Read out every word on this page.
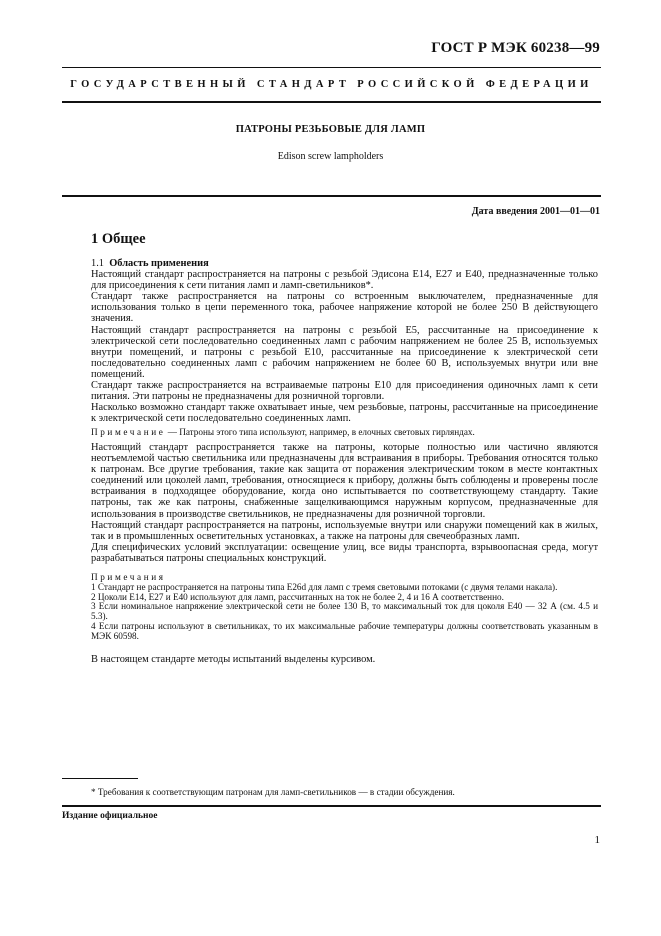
ГОСТ Р МЭК 60238—99
ГОСУДАРСТВЕННЫЙ СТАНДАРТ РОССИЙСКОЙ ФЕДЕРАЦИИ
ПАТРОНЫ РЕЗЬБОВЫЕ ДЛЯ ЛАМП
Edison screw lampholders
Дата введения 2001—01—01
1 Общее

1.1 Область применения

Настоящий стандарт распространяется на патроны с резьбой Эдисона E14, E27 и E40, предназначенные только для присоединения к сети питания ламп и ламп-светильников*.

Стандарт также распространяется на патроны со встроенным выключателем, предназначенные для использования только в цепи переменного тока, рабочее напряжение которой не более 250 В действующего значения.

Настоящий стандарт распространяется на патроны с резьбой E5, рассчитанные на присоединение к электрической сети последовательно соединенных ламп с рабочим напряжением не более 25 В, используемых внутри помещений, и патроны с резьбой E10, рассчитанные на присоединение к электрической сети последовательно соединенных ламп с рабочим напряжением не более 60 В, используемых внутри или вне помещений.

Стандарт также распространяется на встраиваемые патроны E10 для присоединения одиночных ламп к сети питания. Эти патроны не предназначены для розничной торговли.

Насколько возможно стандарт также охватывает иные, чем резьбовые, патроны, рассчитанные на присоединение к электрической сети последовательно соединенных ламп.

Примечание — Патроны этого типа используют, например, в елочных световых гирляндах.

Настоящий стандарт распространяется также на патроны, которые полностью или частично являются неотъемлемой частью светильника или предназначены для встраивания в приборы. Требования относятся только к патронам. Все другие требования, такие как защита от поражения электрическим током в месте контактных соединений или цоколей ламп, требования, относящиеся к прибору, должны быть соблюдены и проверены после встраивания в подходящее оборудование, когда оно испытывается по соответствующему стандарту. Такие патроны, так же как патроны, снабженные защелкивающимся наружным корпусом, предназначенные для использования в производстве светильников, не предназначены для розничной торговли.

Настоящий стандарт распространяется на патроны, используемые внутри или снаружи помещений как в жилых, так и в промышленных осветительных установках, а также на патроны для свечеобразных ламп.

Для специфических условий эксплуатации: освещение улиц, все виды транспорта, взрывоопасная среда, могут разрабатываться патроны специальных конструкций.

Примечания

1 Стандарт не распространяется на патроны типа E26d для ламп с тремя световыми потоками (с двумя телами накала).

2 Цоколи E14, E27 и E40 используют для ламп, рассчитанных на ток не более 2, 4 и 16 А соответственно.

3 Если номинальное напряжение электрической сети не более 130 В, то максимальный ток для цоколя E40 — 32 А (см. 4.5 и 5.3).

4 Если патроны используют в светильниках, то их максимальные рабочие температуры должны соответствовать указанным в МЭК 60598.

В настоящем стандарте методы испытаний выделены курсивом.

* Требования к соответствующим патронам для ламп-светильников — в стадии обсуждения.
Издание официальное
1
